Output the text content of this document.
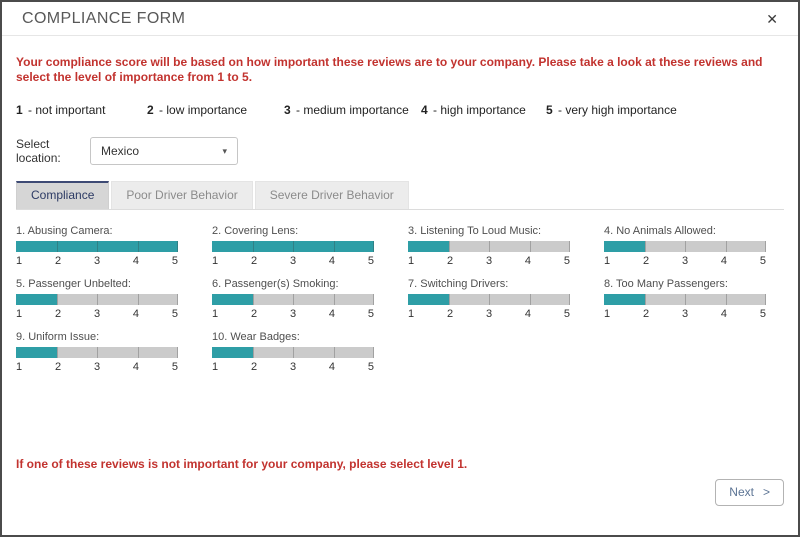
COMPLIANCE FORM	✕
Your compliance score will be based on how important these reviews are to your company. Please take a look at these reviews and select the level of importance from 1 to 5.
1 - not important	2 - low importance	3 - medium importance	4 - high importance	5 - very high importance
Select location:	Mexico	▾
Compliance	Poor Driver Behavior	Severe Driver Behavior
1. Abusing Camera:
1	2	3	4	5
2. Covering Lens:
1	2	3	4	5
3. Listening To Loud Music:
1	2	3	4	5
4. No Animals Allowed:
1	2	3	4	5
5. Passenger Unbelted:
1	2	3	4	5
6. Passenger(s) Smoking:
1	2	3	4	5
7. Switching Drivers:
1	2	3	4	5
8. Too Many Passengers:
1	2	3	4	5
9. Uniform Issue:
1	2	3	4	5
10. Wear Badges:
1	2	3	4	5
If one of these reviews is not important for your company, please select level 1.
Next >
